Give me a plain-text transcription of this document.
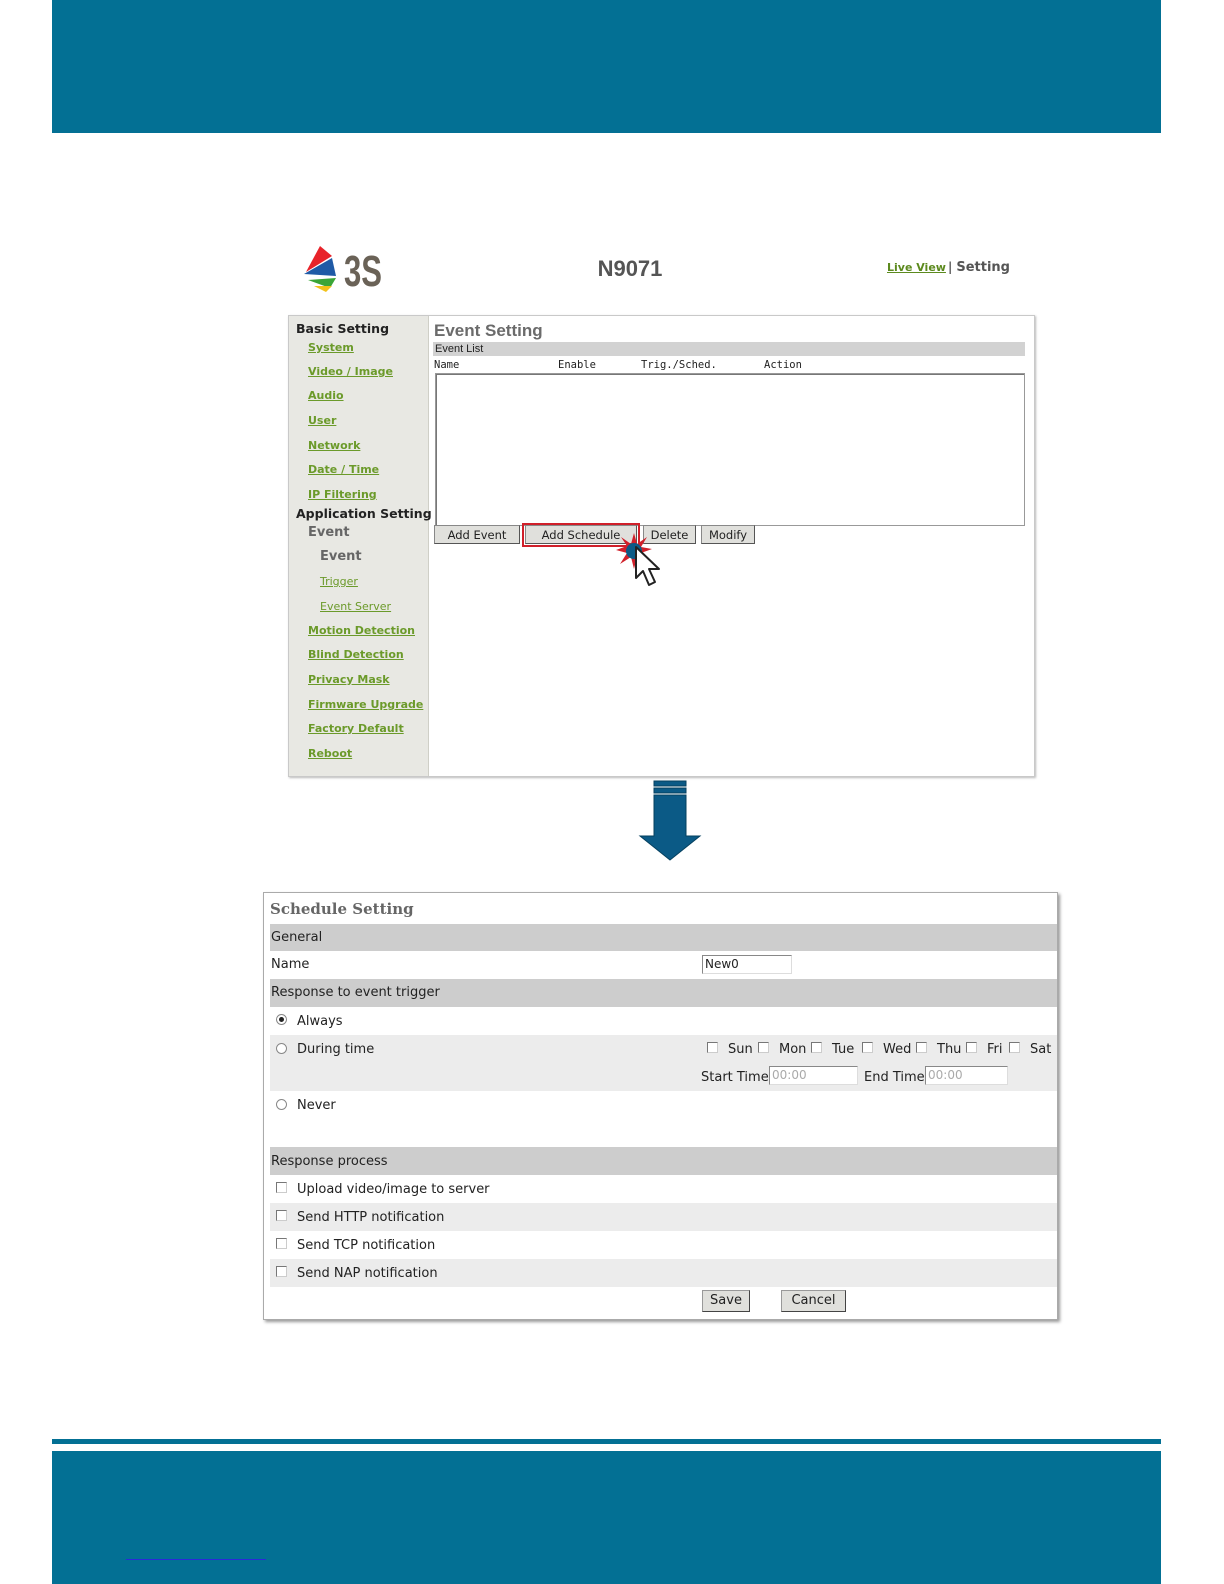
3S	N9071	Live View | Setting
Basic Setting
System
Video / Image
Audio
User
Network
Date / Time
IP Filtering
Application Setting
Event
Event
Trigger
Event Server
Motion Detection
Blind Detection
Privacy Mask
Firmware Upgrade
Factory Default
Reboot
Event Setting
Event List
Name	Enable	Trig./Sched.	Action
Add Event	Add Schedule	Delete	Modify
Schedule Setting
General
Name	New0
Response to event trigger
Always
During time	Sun Mon Tue Wed Thu Fri Sat
Start Time 00:00	End Time 00:00
Never
Response process
Upload video/image to server
Send HTTP notification
Send TCP notification
Send NAP notification
Save	Cancel
